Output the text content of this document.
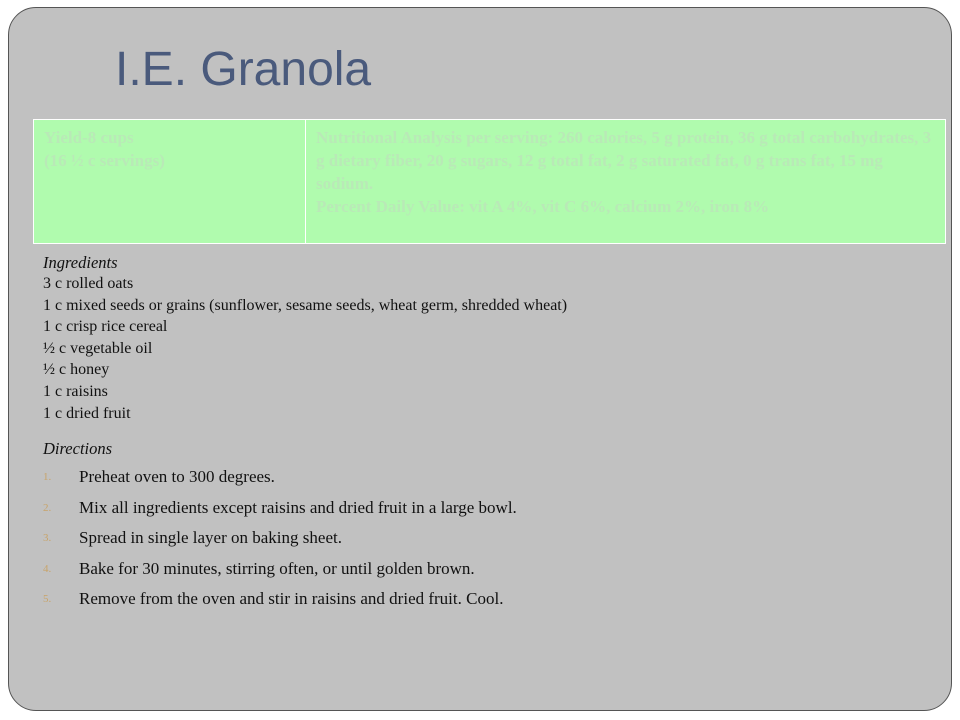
I.E. Granola
Yield-8 cups
(16 ½ c servings)

Nutritional Analysis per serving: 260 calories, 5 g protein, 36 g total carbohydrates, 3 g dietary fiber, 20 g sugars, 12 g total fat, 2 g saturated fat, 0 g trans fat, 15 mg sodium.
Percent Daily Value: vit A 4%, vit C 6%, calcium 2%, iron 8%
Ingredients
3 c rolled oats
1 c mixed seeds or grains (sunflower, sesame seeds, wheat germ, shredded wheat)
1 c crisp rice cereal
½ c vegetable oil
½ c honey
1 c raisins
1 c dried fruit
Directions
1. Preheat oven to 300 degrees.
2. Mix all ingredients except raisins and dried fruit in a large bowl.
3. Spread in single layer on baking sheet.
4. Bake for 30 minutes, stirring often, or until golden brown.
5. Remove from the oven and stir in raisins and dried fruit. Cool.
